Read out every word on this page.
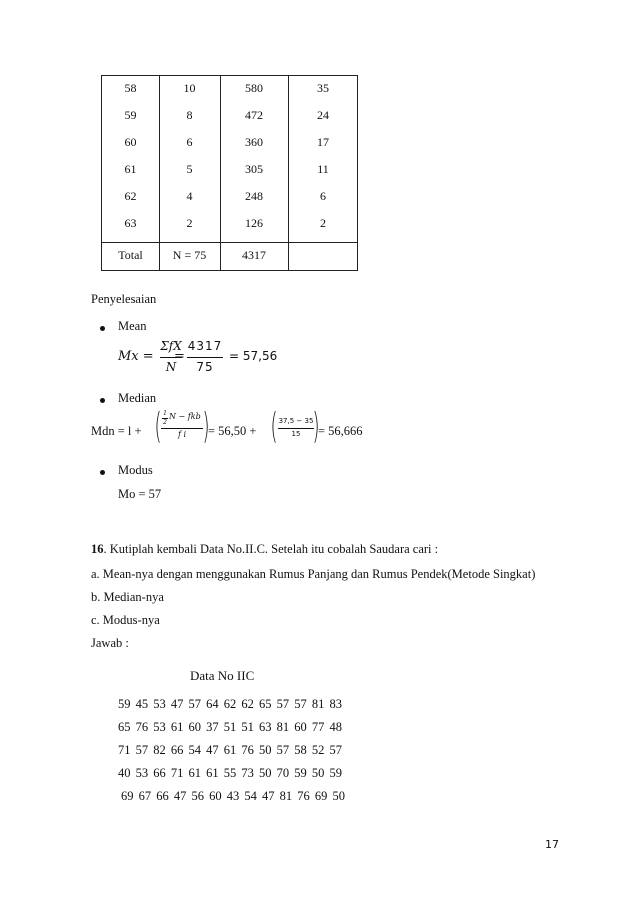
58	10	580	35
59	8	472	24
60	6	360	17
61	5	305	11
62	4	248	6
63	2	126	2
Total	N = 75	4317
Penyelesaian
Mean
Mx =
ΣfX
N
=
4317
75
= 57,56
Median
Mdn = l + ( 1
2
N − fkb
f i )
= 56,50 + ( 37,5 − 35
15 )
= 56,666
Modus
Mo = 57
16. Kutiplah kembali Data No.II.C. Setelah itu cobalah Saudara cari :
a. Mean-nya dengan menggunakan Rumus Panjang dan Rumus Pendek(Metode Singkat)
b. Median-nya
c. Modus-nya
Jawab :
Data No IIC
59 45 53 47 57 64 62 62 65 57 57 81 83
65 76 53 61 60 37 51 51 63 81 60 77 48
71 57 82 66 54 47 61 76 50 57 58 52 57
40 53 66 71 61 61 55 73 50 70 59 50 59
69 67 66 47 56 60 43 54 47 81 76 69 50
17
